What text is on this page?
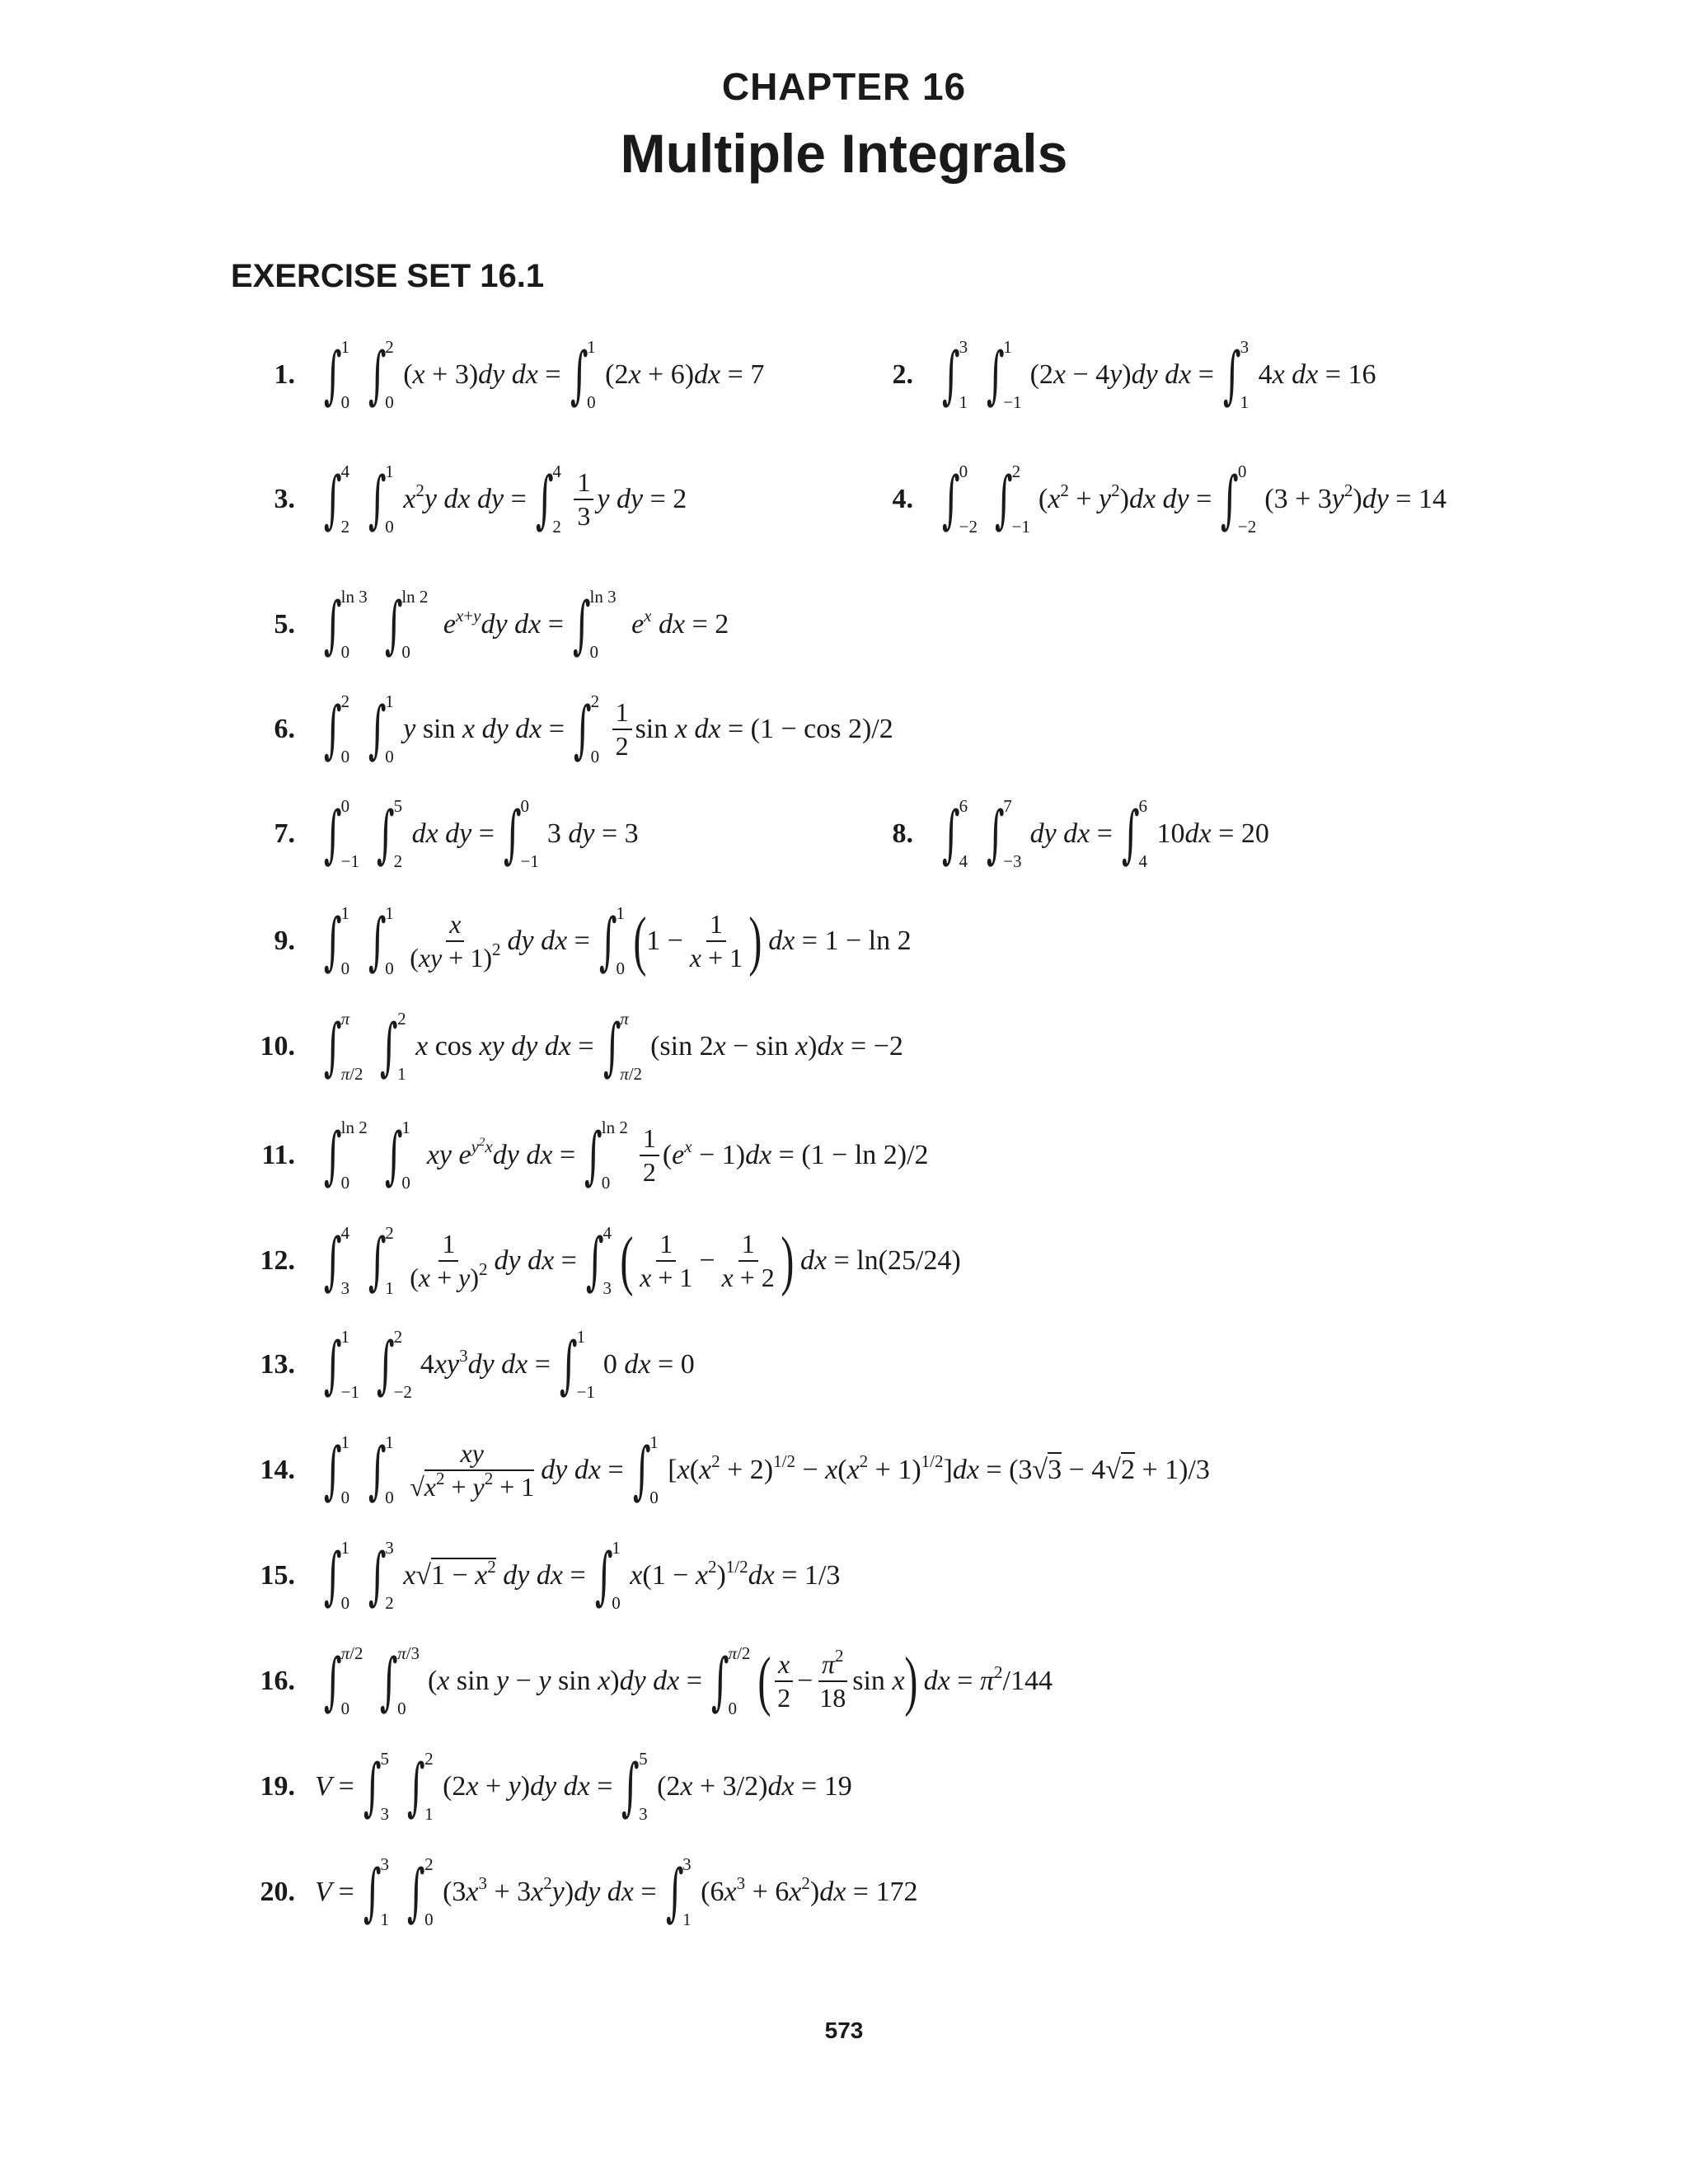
CHAPTER 16
Multiple Integrals
EXERCISE SET 16.1
1. ∫
1
0 ∫
2
0
(x + 3)dy dx = ∫
1
0
(2x + 6)dx = 7	2. ∫
3
1 ∫
1
−1
(2x − 4y)dy dx = ∫
3
1
4x dx = 16
3. ∫
4
2 ∫
1
0
$x^2y$ dx dy = ∫
4
$2 \frac{1}{3}$ y dy = 2	4. ∫
0
−2 ∫
2
−1
$(x^2 + y^2)dx$ dy = ∫
0
−2
$(3 + 3y^2)dy = 14$
5. ∫
ln 3
0 ∫
ln 2
0
$e^{x+y}dy$ dx = ∫
ln 3
0
$e^x$ dx = 2
6. ∫
2
0 ∫
1
0
y sin x dy dx = ∫
2
$0 \frac{1}{2}$ sin x dx = (1 − cos 2)/2
7. ∫
0
−1 ∫
5
2
dx dy = ∫
0
−1
3 dy = 3	8. ∫
6
4 ∫
7
−3
dy dx = ∫
6
4
10dx = 20
9. ∫
1
0 ∫
1
$0 \frac{x}{(xy + 1)^2}$ dy dx = ∫
1
0 ( $1 - \frac{1}{x + 1}$ ) dx = 1 − ln 2
10. ∫
π
π/2 ∫
2
1
x cos xy dy dx = ∫
π
π/2
(sin 2x − sin x)dx = −2
11. ∫
ln 2
0 ∫
1
0
xy $e^{y^2x}dy$ dx = ∫
ln 2
0	$\frac{1}{2} (e^x - 1)dx = (1 - \ln 2)/2$
12. ∫
4
3 ∫
2
$1 \frac{1}{(x + y)^2}$ dy dx = ∫
4
3 ( $\frac{1}{x + 1} - \frac{1}{x + 2}$ ) dx = ln(25/24)
13. ∫
1
−1 ∫
2
−2
$4xy^3dy$ dx = ∫
1
−1
0 dx = 0
14. ∫
1
0 ∫
1
$0 \frac{xy}{√x^2 + y^2 + 1}$ dy dx = ∫
1
0
$[x(x^2 + 2)^{1/2} - x(x^2 + 1)^{1/2}]dx = (3√3 - 4√2 + 1)/3$
15. ∫
1
0 ∫
3
2
$x√1 - x^2$ dy dx = ∫
1
0
$x(1 - x^2)^{1/2}dx = 1/3$
16. ∫
π/2
0 ∫
π/3
0
(x sin y − y sin x)dy dx = ∫
π/2
0 ( $\frac{x}{2} - \frac{\pi^2}{18}$ sin
x ) dx = $\pi^2/144$
19. V = ∫
5
3 ∫
2
1
(2x + y)dy dx = ∫
5
3
(2x + 3/2)dx = 19
20. V = ∫
3
1 ∫
2
0
$(3x^3 + 3x^2y)dy$ dx = ∫
3
1
$(6x^3 + 6x^2)dx = 172$
573
